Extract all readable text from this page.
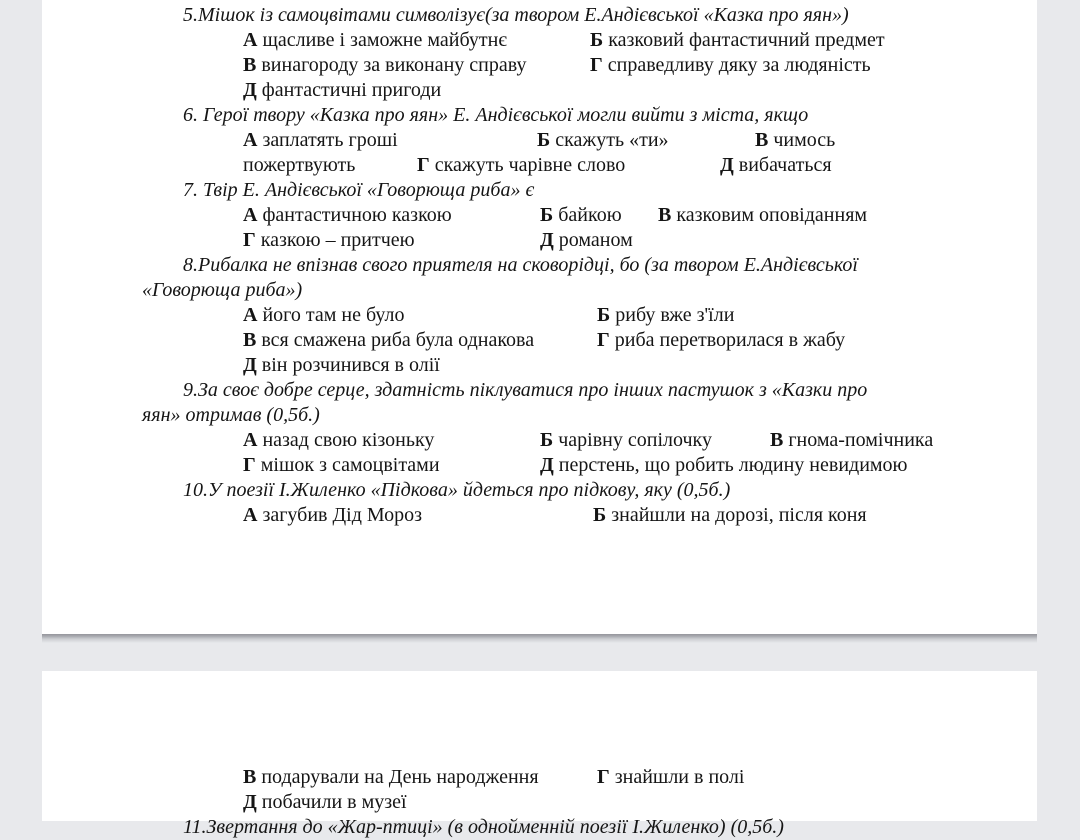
5.Мішок із самоцвітами символізує(за твором Е.Андієвської «Казка про яян»)
А щасливе і заможне майбутнє	Б казковий фантастичний предмет
В винагороду за виконану справу	Г справедливу дяку за людяність
Д фантастичні пригоди
6. Герої твору «Казка про яян» Е. Андієвської могли вийти з міста, якщо
А заплатять гроші	Б скажуть «ти»	В чимось
пожертвують	Г скажуть чарівне слово	Д вибачаться
7. Твір Е. Андієвської «Говорюща риба» є
А фантастичною казкою	Б байкою В казковим оповіданням
Г казкою – притчею	Д романом
8.Рибалка не впізнав свого приятеля на сковорідці, бо (за твором Е.Андієвської
«Говорюща риба»)
А його там не було	Б рибу вже з'їли
В вся смажена риба була однакова	Г риба перетворилася в жабу
Д він розчинився в олії
9.За своє добре серце, здатність піклуватися про інших пастушок з «Казки про
яян» отримав (0,5б.)
А назад свою кізоньку	Б чарівну сопілочку	В гнома-помічника
Г мішок з самоцвітами	Д перстень, що робить людину невидимою
10.У поезії І.Жиленко «Підкова» йдеться про підкову, яку (0,5б.)
А загубив Дід Мороз	Б знайшли на дорозі, після коня
В подарували на День народження	Г знайшли в полі
Д побачили в музеї
11.Звертання до «Жар-птиці» (в однойменній поезії І.Жиленко) (0,5б.)
